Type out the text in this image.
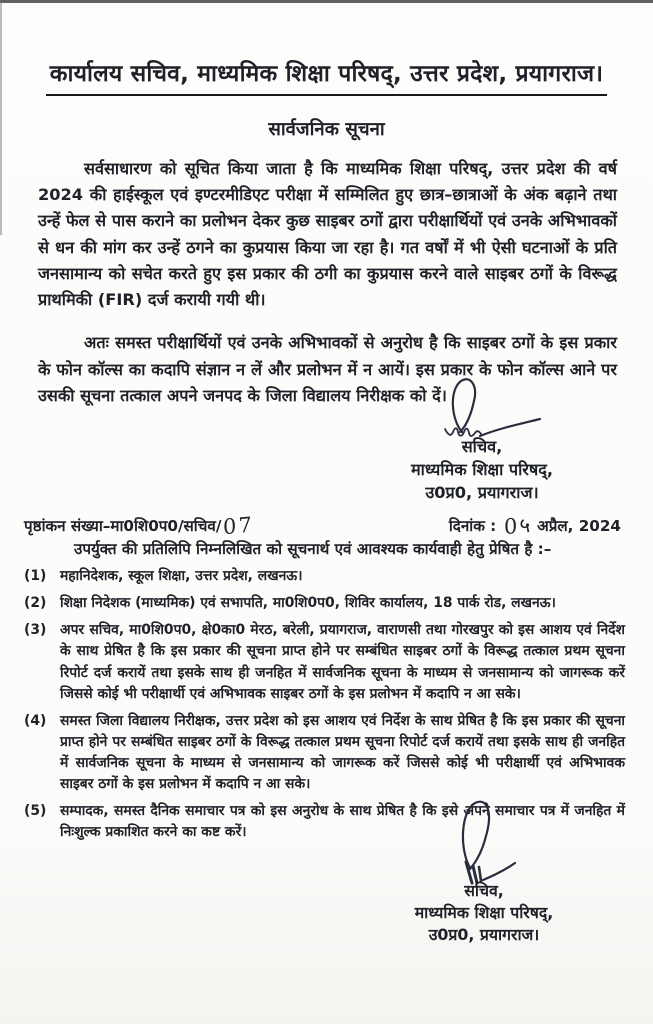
कार्यालय सचिव, माध्यमिक शिक्षा परिषद्, उत्तर प्रदेश, प्रयागराज।
सार्वजनिक सूचना

सर्वसाधारण को सूचित किया जाता है कि माध्यमिक शिक्षा परिषद्, उत्तर प्रदेश की वर्ष 2024 की हाईस्कूल एवं इण्टरमीडिएट परीक्षा में सम्मिलित हुए छात्र–छात्राओं के अंक बढ़ाने तथा उन्हें फेल से पास कराने का प्रलोभन देकर कुछ साइबर ठगों द्वारा परीक्षार्थियों एवं उनके अभिभावकों से धन की मांग कर उन्हें ठगने का कुप्रयास किया जा रहा है। गत वर्षों में भी ऐसी घटनाओं के प्रति जनसामान्य को सचेत करते हुए इस प्रकार की ठगी का कुप्रयास करने वाले साइबर ठगों के विरूद्ध प्राथमिकी (FIR) दर्ज करायी गयी थी।

अतः समस्त परीक्षार्थियों एवं उनके अभिभावकों से अनुरोध है कि साइबर ठगों के इस प्रकार के फोन कॉल्स का कदापि संज्ञान न लें और प्रलोभन में न आयें। इस प्रकार के फोन कॉल्स आने पर उसकी सूचना तत्काल अपने जनपद के जिला विद्यालय निरीक्षक को दें।

सचिव,
माध्यमिक शिक्षा परिषद्,
उ0प्र0, प्रयागराज।
पृष्ठांकन संख्या–मा0शि0प0/सचिव/07	दिनांक : 0५ अप्रैल, 2024
उपर्युक्त की प्रतिलिपि निम्नलिखित को सूचनार्थ एवं आवश्यक कार्यवाही हेतु प्रेषित है :–
(1) महानिदेशक, स्कूल शिक्षा, उत्तर प्रदेश, लखनऊ।
(2) शिक्षा निदेशक (माध्यमिक) एवं सभापति, मा0शि0प0, शिविर कार्यालय, 18 पार्क रोड, लखनऊ।
(3) अपर सचिव, मा0शि0प0, क्षे0का0 मेरठ, बरेली, प्रयागराज, वाराणसी तथा गोरखपुर को इस आशय एवं निर्देश के साथ प्रेषित है कि इस प्रकार की सूचना प्राप्त होने पर सम्बंधित साइबर ठगों के विरूद्ध तत्काल प्रथम सूचना रिपोर्ट दर्ज करायें तथा इसके साथ ही जनहित में सार्वजनिक सूचना के माध्यम से जनसामान्य को जागरूक करें जिससे कोई भी परीक्षार्थी एवं अभिभावक साइबर ठगों के इस प्रलोभन में कदापि न आ सके।
(4) समस्त जिला विद्यालय निरीक्षक, उत्तर प्रदेश को इस आशय एवं निर्देश के साथ प्रेषित है कि इस प्रकार की सूचना प्राप्त होने पर सम्बंधित साइबर ठगों के विरूद्ध तत्काल प्रथम सूचना रिपोर्ट दर्ज करायें तथा इसके साथ ही जनहित में सार्वजनिक सूचना के माध्यम से जनसामान्य को जागरूक करें जिससे कोई भी परीक्षार्थी एवं अभिभावक साइबर ठगों के इस प्रलोभन में कदापि न आ सके।
(5) सम्पादक, समस्त दैनिक समाचार पत्र को इस अनुरोध के साथ प्रेषित है कि इसे अपने समाचार पत्र में जनहित में निःशुल्क प्रकाशित करने का कष्ट करें।
सचिव,
माध्यमिक शिक्षा परिषद्,
उ0प्र0, प्रयागराज।
